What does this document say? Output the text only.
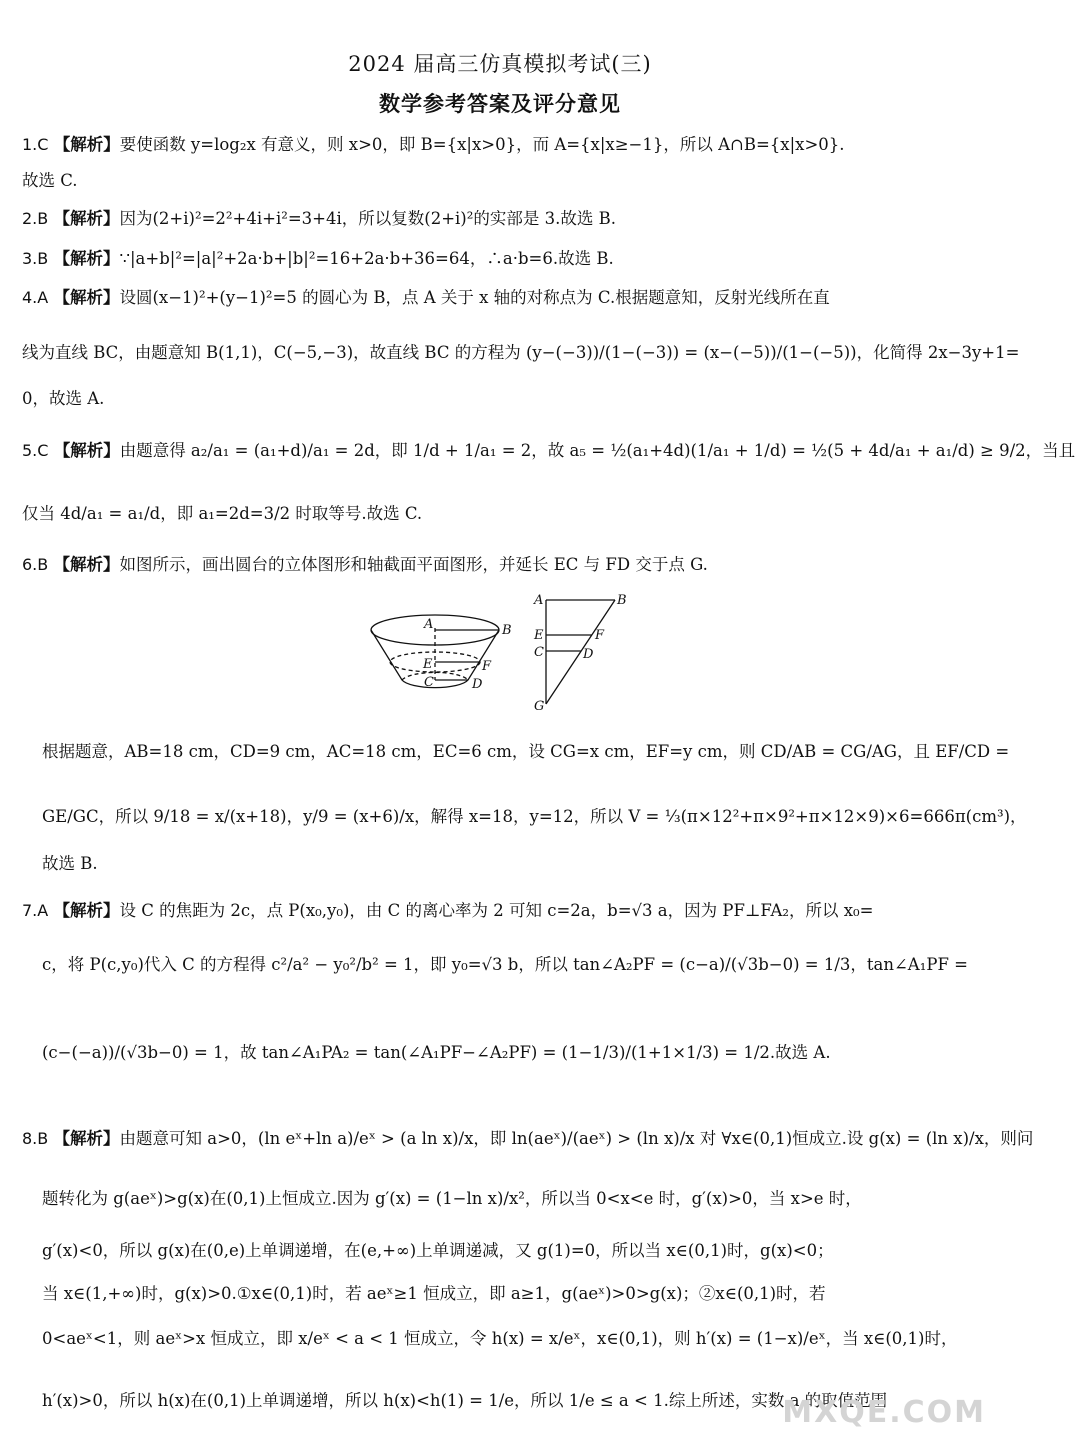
2024 届高三仿真模拟考试(三)
数学参考答案及评分意见
1.C 【解析】要使函数 y=log₂x 有意义，则 x>0，即 B={x|x>0}，而 A={x|x≥−1}，所以 A∩B={x|x>0}.
故选 C.
2.B 【解析】因为(2+i)²=2²+4i+i²=3+4i，所以复数(2+i)²的实部是 3.故选 B.
3.B 【解析】∵|a+b|²=|a|²+2a·b+|b|²=16+2a·b+36=64，∴a·b=6.故选 B.
4.A 【解析】设圆(x−1)²+(y−1)²=5 的圆心为 B，点 A 关于 x 轴的对称点为 C.根据题意知，反射光线所在直
线为直线 BC，由题意知 B(1,1)，C(−5,−3)，故直线 BC 的方程为 (y−(−3))/(1−(−3)) = (x−(−5))/(1−(−5))，化简得 2x−3y+1=
0，故选 A.
5.C 【解析】由题意得 a₂/a₁ = (a₁+d)/a₁ = 2d，即 1/d + 1/a₁ = 2，故 a₅ = ½(a₁+4d)(1/a₁ + 1/d) = ½(5 + 4d/a₁ + a₁/d) ≥ 9/2，当且
仅当 4d/a₁ = a₁/d，即 a₁=2d=3/2 时取等号.故选 C.
6.B 【解析】如图所示，画出圆台的立体图形和轴截面平面图形，并延长 EC 与 FD 交于点 G.
A	B
E	F
C	D
A	B
E	F
C	D
G
根据题意，AB=18 cm，CD=9 cm，AC=18 cm，EC=6 cm，设 CG=x cm，EF=y cm，则 CD/AB = CG/AG，且 EF/CD =
GE/GC，所以 9/18 = x/(x+18)，y/9 = (x+6)/x，解得 x=18，y=12，所以 V = ⅓(π×12²+π×9²+π×12×9)×6=666π(cm³)，
故选 B.
7.A 【解析】设 C 的焦距为 2c，点 P(x₀,y₀)，由 C 的离心率为 2 可知 c=2a，b=√3 a，因为 PF⊥FA₂，所以 x₀=
c，将 P(c,y₀)代入 C 的方程得 c²/a² − y₀²/b² = 1，即 y₀=√3 b，所以 tan∠A₂PF = (c−a)/(√3b−0) = 1/3，tan∠A₁PF =
(c−(−a))/(√3b−0) = 1，故 tan∠A₁PA₂ = tan(∠A₁PF−∠A₂PF) = (1−1/3)/(1+1×1/3) = 1/2.故选 A.
8.B 【解析】由题意可知 a>0，(ln eˣ+ln a)/eˣ > (a ln x)/x，即 ln(aeˣ)/(aeˣ) > (ln x)/x 对 ∀x∈(0,1)恒成立.设 g(x) = (ln x)/x，则问
题转化为 g(aeˣ)>g(x)在(0,1)上恒成立.因为 g′(x) = (1−ln x)/x²，所以当 0<x<e 时，g′(x)>0，当 x>e 时，
g′(x)<0，所以 g(x)在(0,e)上单调递增，在(e,+∞)上单调递减，又 g(1)=0，所以当 x∈(0,1)时，g(x)<0；
当 x∈(1,+∞)时，g(x)>0.①x∈(0,1)时，若 aeˣ≥1 恒成立，即 a≥1，g(aeˣ)>0>g(x)；②x∈(0,1)时，若
0<aeˣ<1，则 aeˣ>x 恒成立，即 x/eˣ < a < 1 恒成立，令 h(x) = x/eˣ，x∈(0,1)，则 h′(x) = (1−x)/eˣ，当 x∈(0,1)时，
h′(x)>0，所以 h(x)在(0,1)上单调递增，所以 h(x)<h(1) = 1/e，所以 1/e ≤ a < 1.综上所述，实数 a 的取值范围
MXQE.COM
